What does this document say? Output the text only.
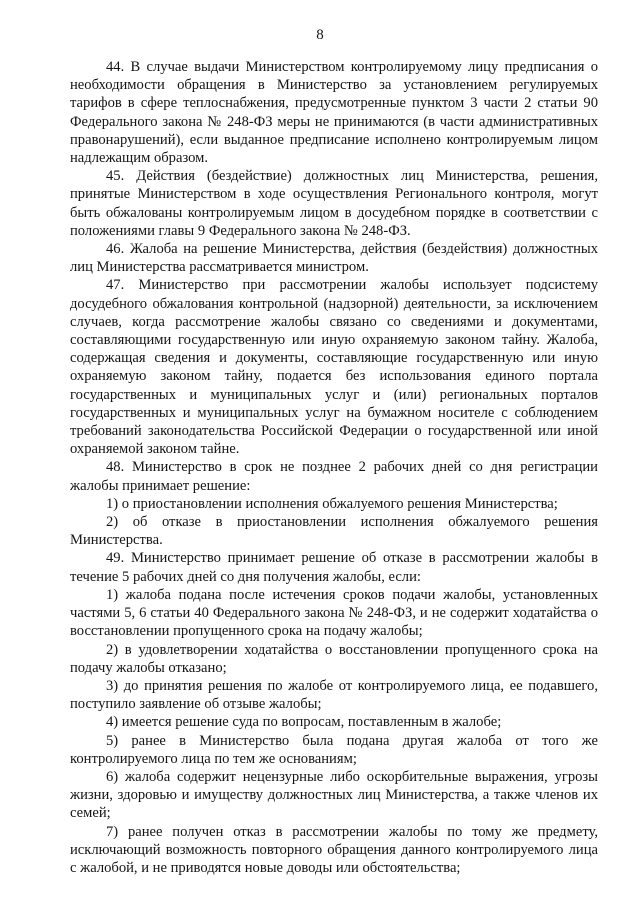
8

44. В случае выдачи Министерством контролируемому лицу предписания о необходимости обращения в Министерство за установлением регулируемых тарифов в сфере теплоснабжения, предусмотренные пунктом 3 части 2 статьи 90 Федерального закона № 248-ФЗ меры не принимаются (в части административных правонарушений), если выданное предписание исполнено контролируемым лицом надлежащим образом.

45. Действия (бездействие) должностных лиц Министерства, решения, принятые Министерством в ходе осуществления Регионального контроля, могут быть обжалованы контролируемым лицом в досудебном порядке в соответствии с положениями главы 9 Федерального закона № 248-ФЗ.

46. Жалоба на решение Министерства, действия (бездействия) должностных лиц Министерства рассматривается министром.

47. Министерство при рассмотрении жалобы использует подсистему досудебного обжалования контрольной (надзорной) деятельности, за исключением случаев, когда рассмотрение жалобы связано со сведениями и документами, составляющими государственную или иную охраняемую законом тайну. Жалоба, содержащая сведения и документы, составляющие государственную или иную охраняемую законом тайну, подается без использования единого портала государственных и муниципальных услуг и (или) региональных порталов государственных и муниципальных услуг на бумажном носителе с соблюдением требований законодательства Российской Федерации о государственной или иной охраняемой законом тайне.

48. Министерство в срок не позднее 2 рабочих дней со дня регистрации жалобы принимает решение:

1) о приостановлении исполнения обжалуемого решения Министерства;

2) об отказе в приостановлении исполнения обжалуемого решения Министерства.

49. Министерство принимает решение об отказе в рассмотрении жалобы в течение 5 рабочих дней со дня получения жалобы, если:

1) жалоба подана после истечения сроков подачи жалобы, установленных частями 5, 6 статьи 40 Федерального закона № 248-ФЗ, и не содержит ходатайства о восстановлении пропущенного срока на подачу жалобы;

2) в удовлетворении ходатайства о восстановлении пропущенного срока на подачу жалобы отказано;

3) до принятия решения по жалобе от контролируемого лица, ее подавшего, поступило заявление об отзыве жалобы;

4) имеется решение суда по вопросам, поставленным в жалобе;

5) ранее в Министерство была подана другая жалоба от того же контролируемого лица по тем же основаниям;

6) жалоба содержит нецензурные либо оскорбительные выражения, угрозы жизни, здоровью и имуществу должностных лиц Министерства, а также членов их семей;

7) ранее получен отказ в рассмотрении жалобы по тому же предмету, исключающий возможность повторного обращения данного контролируемого лица с жалобой, и не приводятся новые доводы или обстоятельства;
